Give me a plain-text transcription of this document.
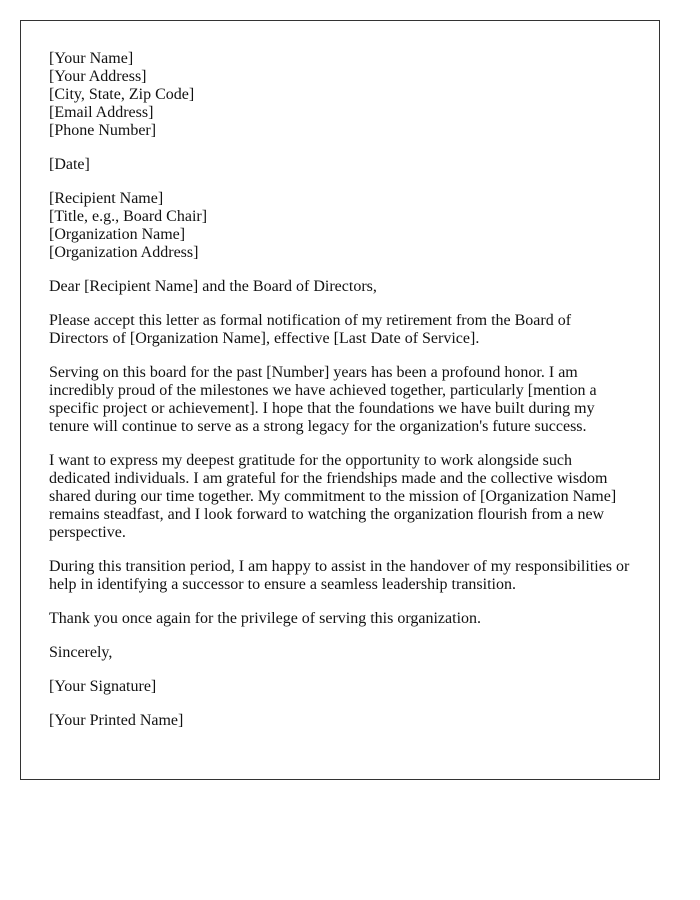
[Your Name]
[Your Address]
[City, State, Zip Code]
[Email Address]
[Phone Number]
[Date]
[Recipient Name]
[Title, e.g., Board Chair]
[Organization Name]
[Organization Address]

Dear [Recipient Name] and the Board of Directors,

Please accept this letter as formal notification of my retirement from the Board of Directors of [Organization Name], effective [Last Date of Service].

Serving on this board for the past [Number] years has been a profound honor. I am incredibly proud of the milestones we have achieved together, particularly [mention a specific project or achievement]. I hope that the foundations we have built during my tenure will continue to serve as a strong legacy for the organization's future success.

I want to express my deepest gratitude for the opportunity to work alongside such dedicated individuals. I am grateful for the friendships made and the collective wisdom shared during our time together. My commitment to the mission of [Organization Name] remains steadfast, and I look forward to watching the organization flourish from a new perspective.

During this transition period, I am happy to assist in the handover of my responsibilities or help in identifying a successor to ensure a seamless leadership transition.

Thank you once again for the privilege of serving this organization.

Sincerely,

[Your Signature]

[Your Printed Name]
